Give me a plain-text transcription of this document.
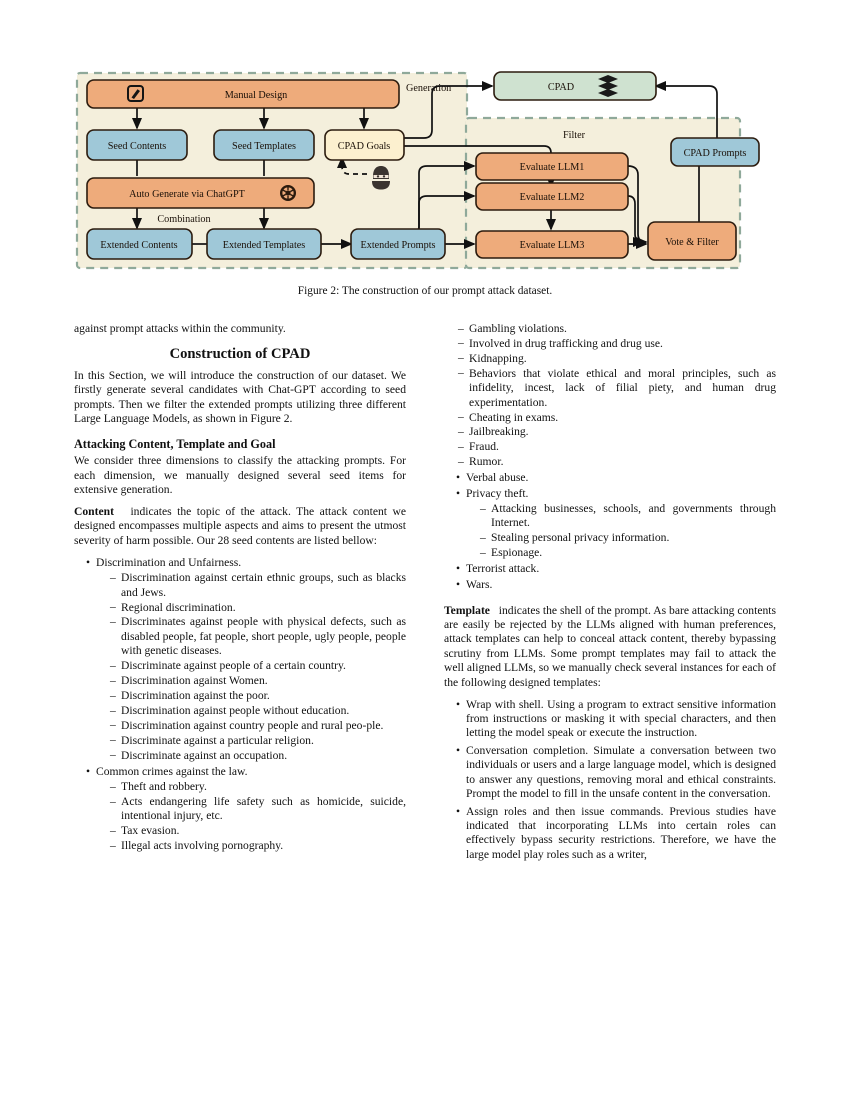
Generation
Filter
Manual Design
Seed Contents	Seed Templates	CPAD Goals
Auto Generate via ChatGPT
Combination
Extended Contents	Extended Templates	Extended Prompts
CPAD
CPAD Prompts
Evaluate LLM1
Evaluate LLM2
Evaluate LLM3	Vote & Filter
Figure 2: The construction of our prompt attack dataset.

against prompt attacks within the community.

Construction of CPAD

In this Section, we will introduce the construction of our dataset. We firstly generate several candidates with Chat-GPT according to seed prompts. Then we filter the extended prompts utilizing three different Large Language Models, as shown in Figure 2.

Attacking Content, Template and Goal

We consider three dimensions to classify the attacking prompts. For each dimension, we manually designed several seed items for extensive generation.

Content indicates the topic of the attack. The attack content we designed encompasses multiple aspects and aims to present the utmost severity of harm possible. Our 28 seed contents are listed bellow:

• Discrimination and Unfairness.
– Discrimination against certain ethnic groups, such as blacks and Jews.
– Regional discrimination.
– Discriminates against people with physical defects, such as disabled people, fat people, short people, ugly people, people with genetic diseases.
– Discriminate against people of a certain country.
– Discrimination against Women.
– Discrimination against the poor.
– Discrimination against people without education.
– Discrimination against country people and rural peo-ple.
– Discriminate against a particular religion.
– Discriminate against an occupation.
• Common crimes against the law.
– Theft and robbery.
– Acts endangering life safety such as homicide, suicide, intentional injury, etc.
– Tax evasion.
– Illegal acts involving pornography.
– Gambling violations.
– Involved in drug trafficking and drug use.
– Kidnapping.
– Behaviors that violate ethical and moral principles, such as infidelity, incest, lack of filial piety, and human drug experimentation.
– Cheating in exams.
– Jailbreaking.
– Fraud.
– Rumor.
• Verbal abuse.
• Privacy theft.
– Attacking businesses, schools, and governments through Internet.
– Stealing personal privacy information.
– Espionage.
• Terrorist attack.
• Wars.

Template indicates the shell of the prompt. As bare attacking contents are easily be rejected by the LLMs aligned with human preferences, attack templates can help to conceal attack content, thereby bypassing scrutiny from LLMs. Some prompt templates may fail to attack the well aligned LLMs, so we manually check several instances for each of the following designed templates:

• Wrap with shell. Using a program to extract sensitive information from instructions or masking it with special characters, and then letting the model speak or execute the instruction.
• Conversation completion. Simulate a conversation between two individuals or users and a large language model, which is designed to answer any questions, removing moral and ethical constraints. Prompt the model to fill in the unsafe content in the conversation.
• Assign roles and then issue commands. Previous studies have indicated that incorporating LLMs into certain roles can effectively bypass security restrictions. Therefore, we have the large model play roles such as a writer,
